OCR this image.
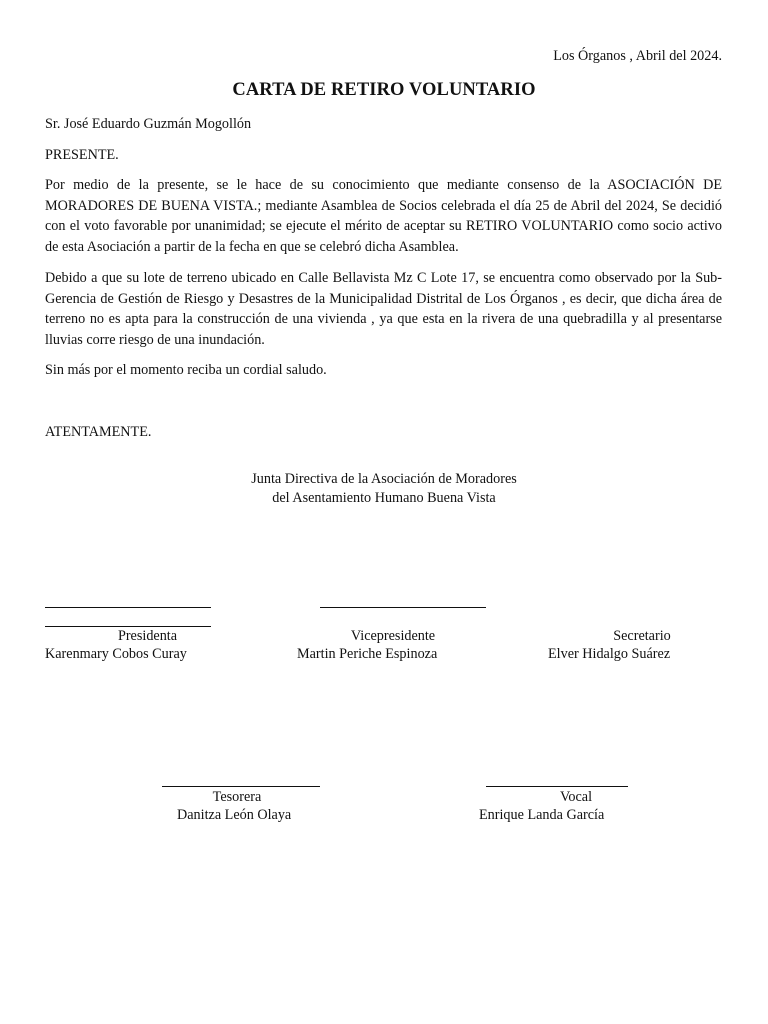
Los Órganos , Abril del 2024.
CARTA DE RETIRO VOLUNTARIO
Sr. José Eduardo Guzmán Mogollón
PRESENTE.
Por medio de la presente, se le hace de su conocimiento que mediante consenso de la ASOCIACIÓN DE MORADORES DE BUENA VISTA.; mediante Asamblea de Socios celebrada el día 25 de Abril del 2024, Se decidió con el voto favorable por unanimidad; se ejecute el mérito de aceptar su RETIRO VOLUNTARIO como socio activo de esta Asociación a partir de la fecha en que se celebró dicha Asamblea.
Debido a que su lote de terreno ubicado en Calle Bellavista Mz C Lote 17, se encuentra como observado por la Sub-Gerencia de Gestión de Riesgo y Desastres de la Municipalidad Distrital de Los Órganos , es decir, que dicha área de terreno no es apta para la construcción de una vivienda , ya que esta en la rivera de una quebradilla y al presentarse lluvias corre riesgo de una inundación.
Sin más por el momento reciba un cordial saludo.
ATENTAMENTE.
Junta Directiva de la Asociación de Moradores
del Asentamiento Humano Buena Vista
Presidenta
Karenmary Cobos Curay
Vicepresidente
Martin Periche Espinoza
Secretario
Elver Hidalgo Suárez
Tesorera
Danitza León Olaya
Vocal
Enrique Landa García
